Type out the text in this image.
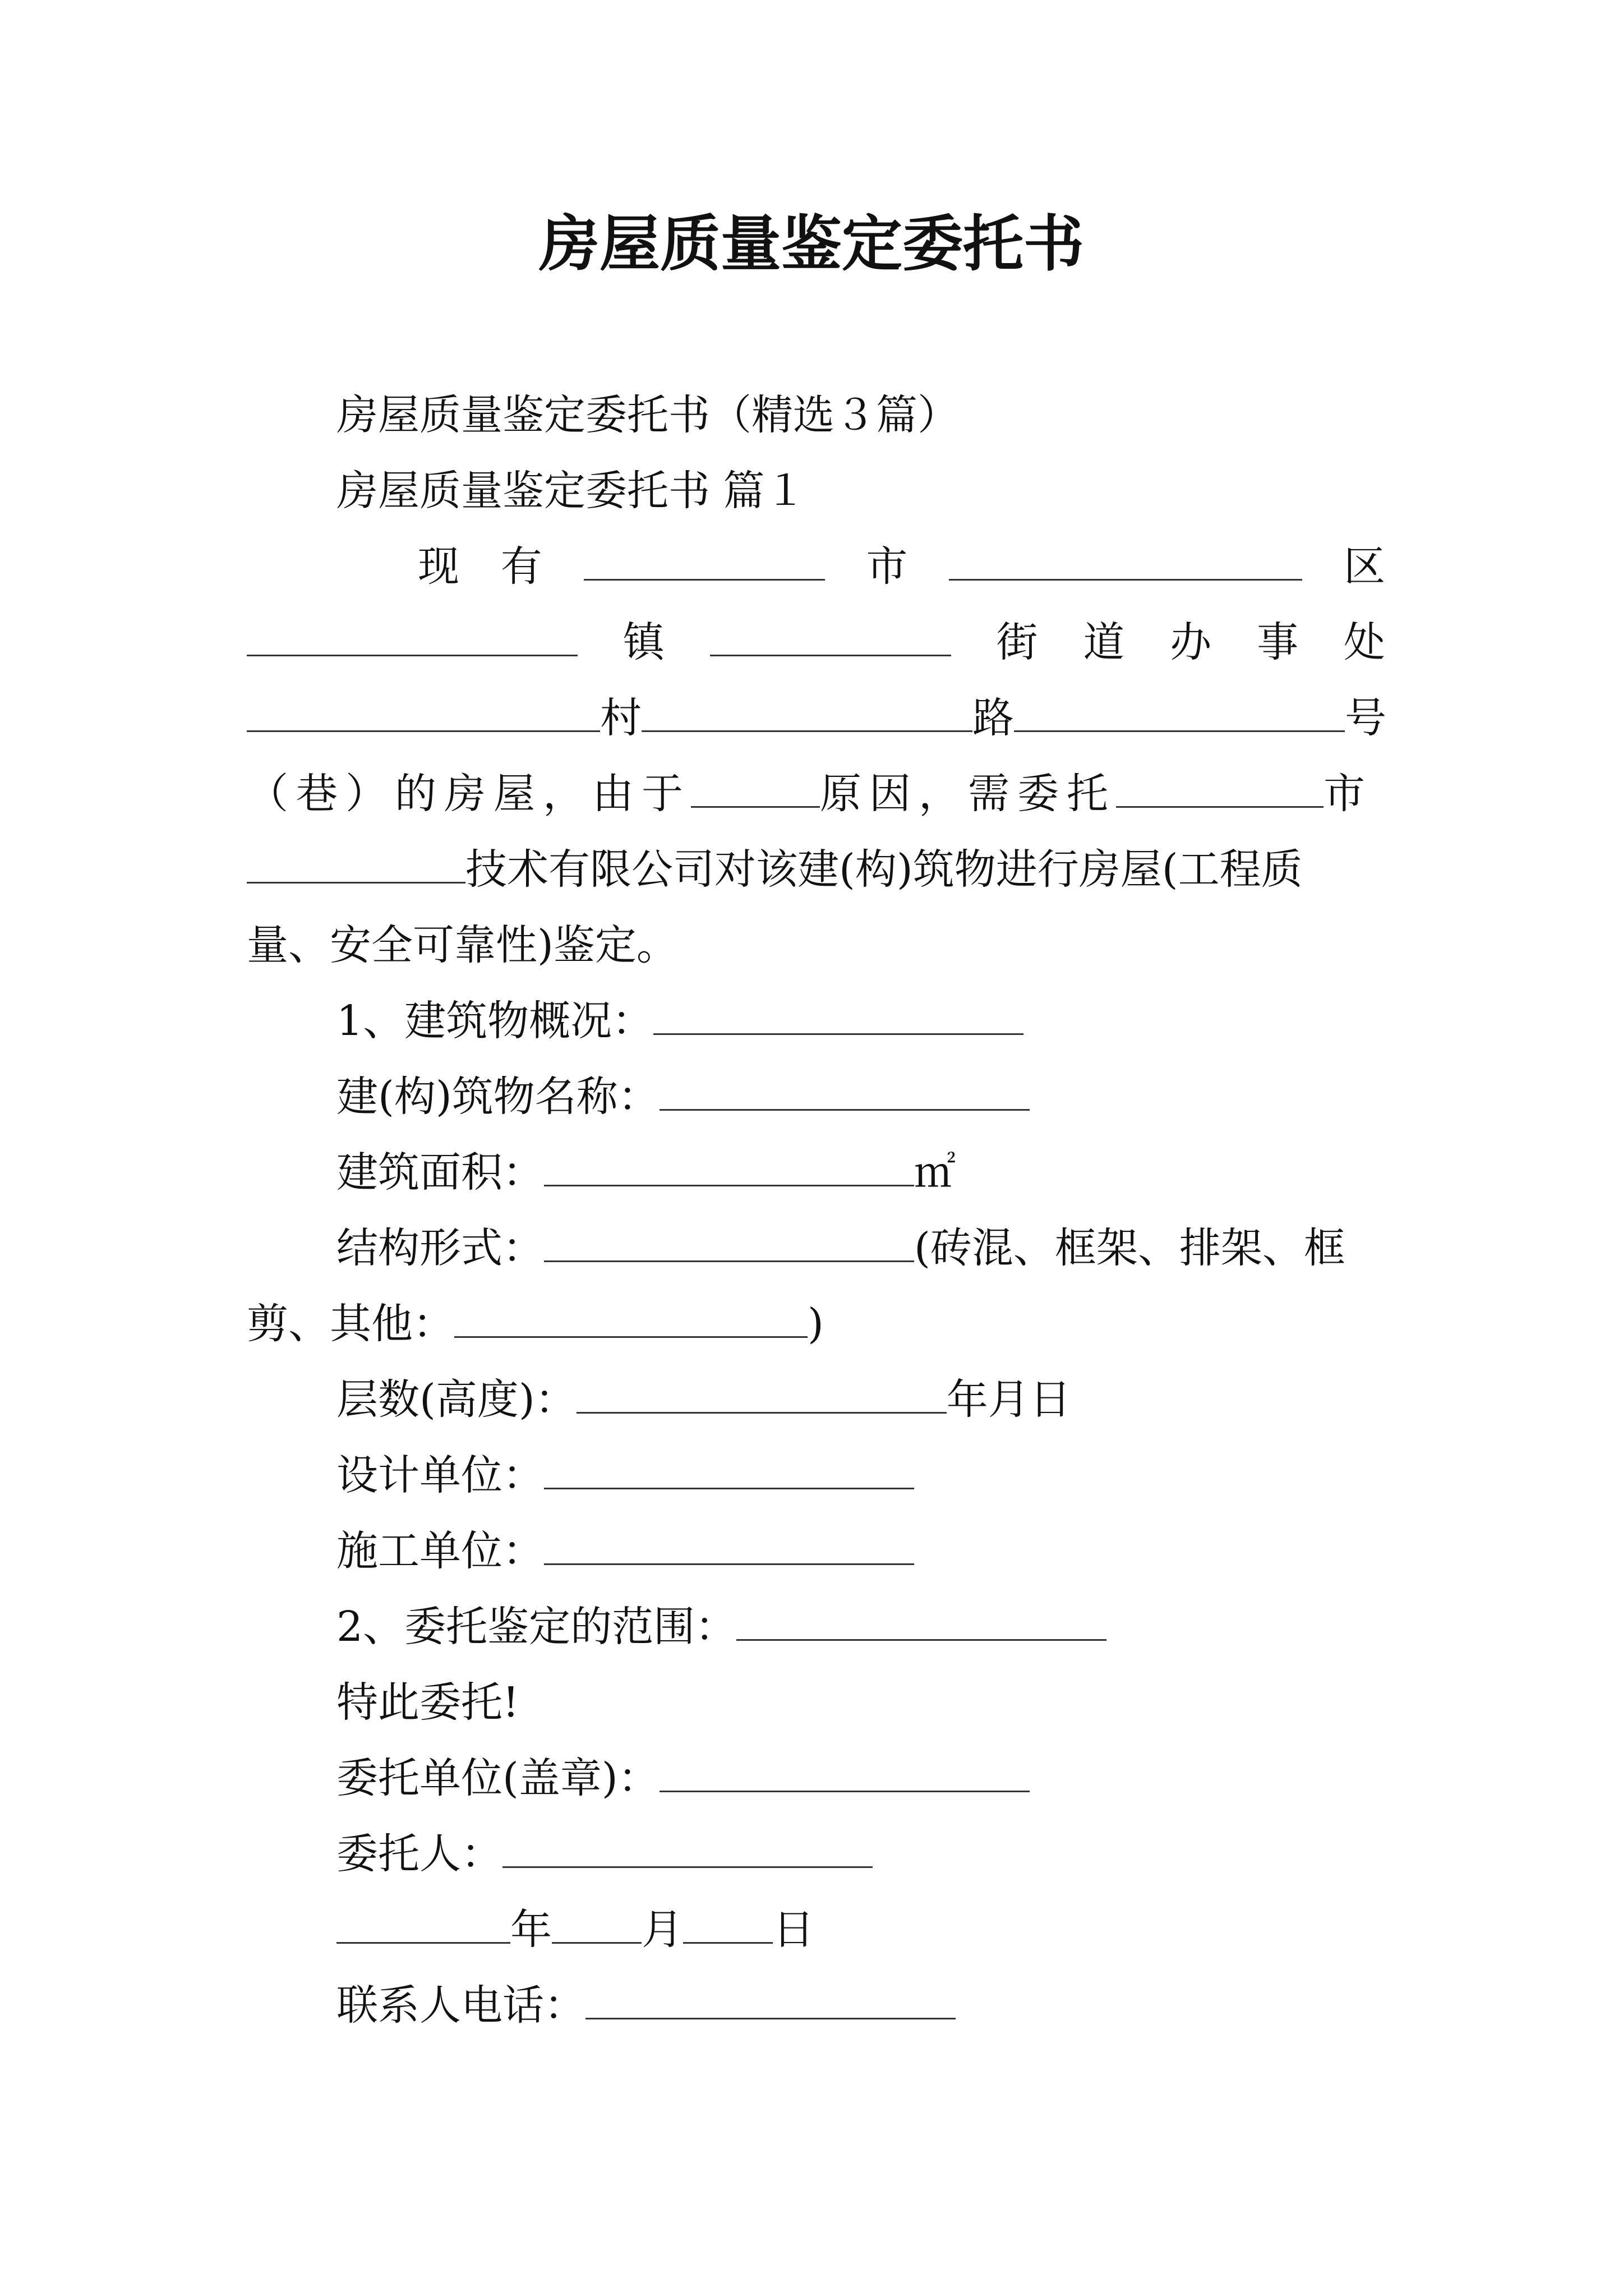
房屋质量鉴定委托书
房屋质量鉴定委托书（精选３篇）
房屋质量鉴定委托书 篇１
现 有	市	区
镇	街 道 办 事 处
村	路	号
（巷）的房屋，由于	原因，需委托	市
技术有限公司对该建(构)筑物进行房屋(工程质
量、安全可靠性)鉴定。
1、建筑物概况：
建(构)筑物名称：
建筑面积：	㎡
结构形式：	(砖混、框架、排架、框
剪、其他：	)
层数(高度)：	年月日
设计单位：
施工单位：
2、委托鉴定的范围：
特此委托!
委托单位(盖章)：
委托人：
年 月 日
联系人电话：
